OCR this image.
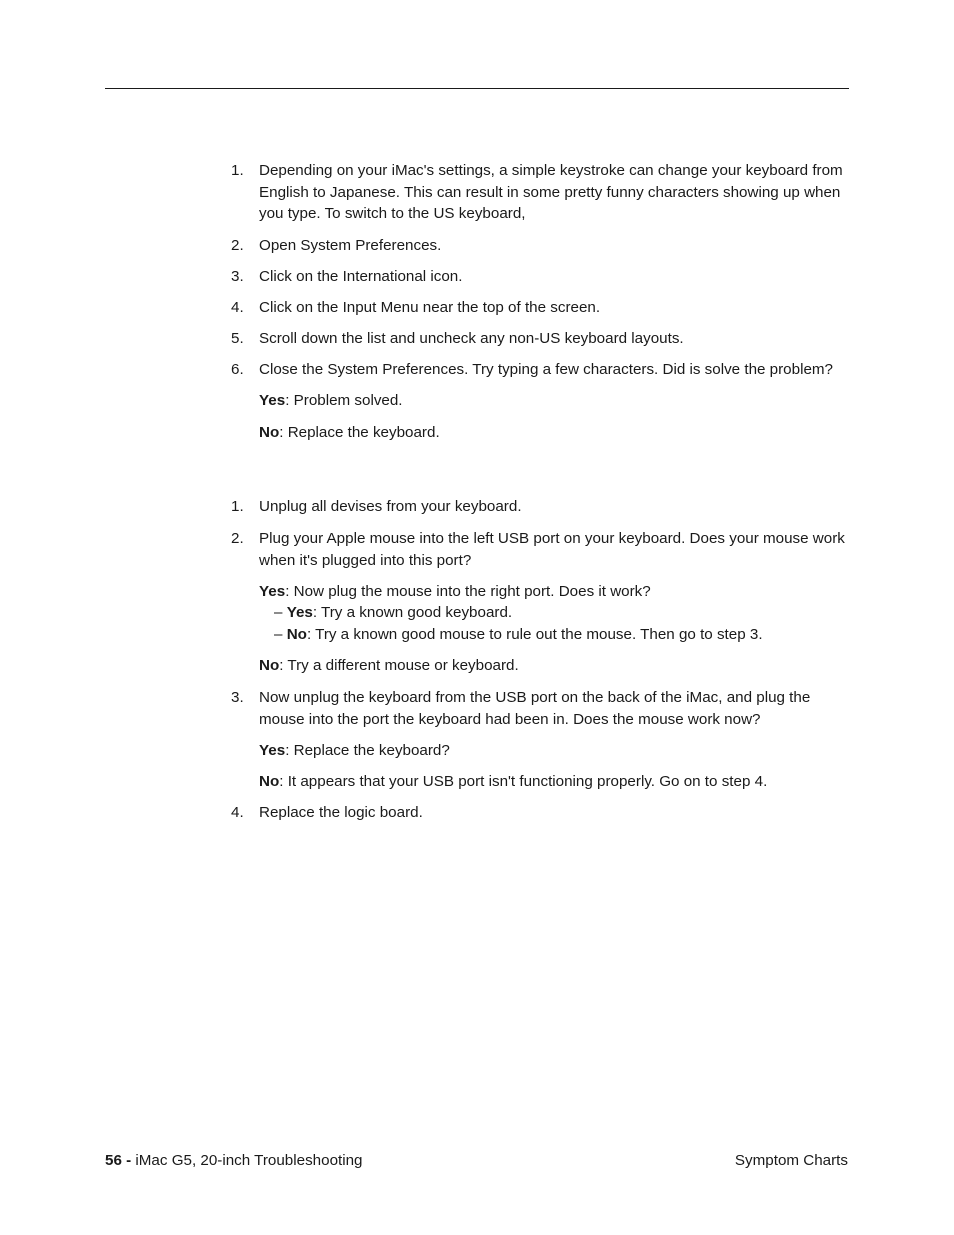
1. Depending on your iMac's settings, a simple keystroke can change your keyboard from English to Japanese. This can result in some pretty funny characters showing up when you type. To switch to the US keyboard,
2. Open System Preferences.
3. Click on the International icon.
4. Click on the Input Menu near the top of the screen.
5. Scroll down the list and uncheck any non-US keyboard layouts.
6. Close the System Preferences. Try typing a few characters. Did is solve the problem?
Yes: Problem solved.
No: Replace the keyboard.
1. Unplug all devises from your keyboard.
2. Plug your Apple mouse into the left USB port on your keyboard. Does your mouse work when it's plugged into this port?
Yes: Now plug the mouse into the right port. Does it work?
– Yes: Try a known good keyboard.
– No: Try a known good mouse to rule out the mouse. Then go to step 3.
No: Try a different mouse or keyboard.
3. Now unplug the keyboard from the USB port on the back of the iMac, and plug the mouse into the port the keyboard had been in. Does the mouse work now?
Yes: Replace the keyboard?
No: It appears that your USB port isn't functioning properly. Go on to step 4.
4. Replace the logic board.
56 - iMac G5, 20-inch Troubleshooting	Symptom Charts
